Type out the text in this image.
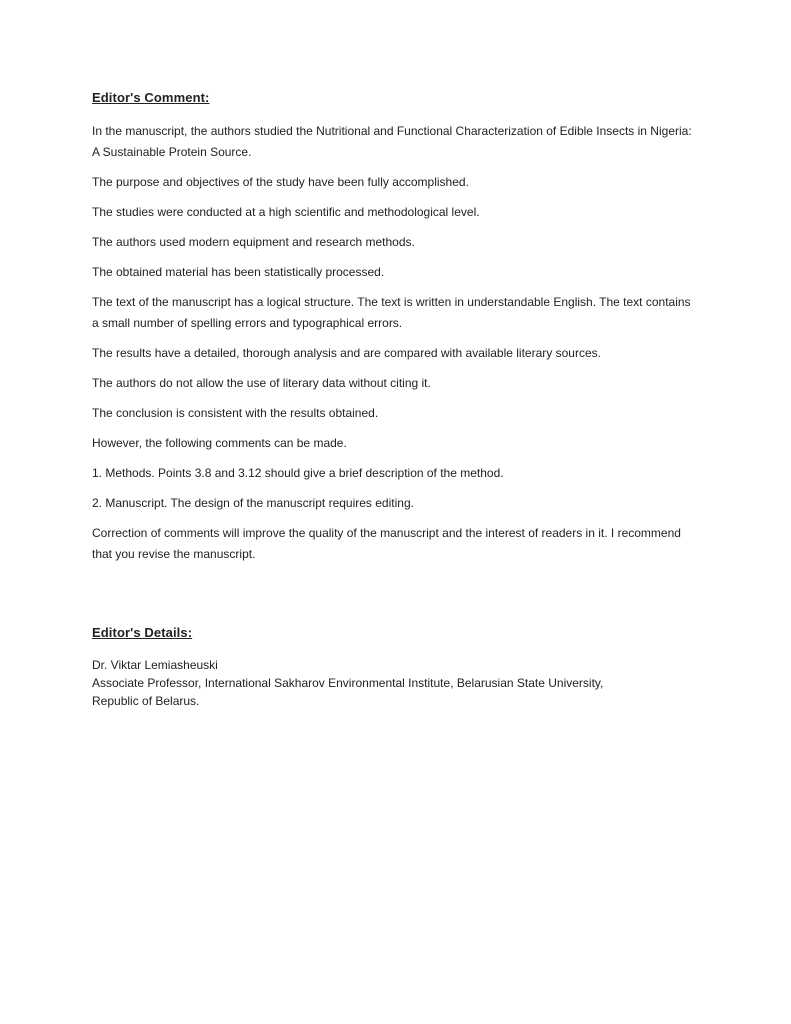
Editor's Comment:

In the manuscript, the authors studied the Nutritional and Functional Characterization of Edible Insects in Nigeria: A Sustainable Protein Source.

The purpose and objectives of the study have been fully accomplished.

The studies were conducted at a high scientific and methodological level.

The authors used modern equipment and research methods.

The obtained material has been statistically processed.

The text of the manuscript has a logical structure. The text is written in understandable English. The text contains a small number of spelling errors and typographical errors.

The results have a detailed, thorough analysis and are compared with available literary sources.

The authors do not allow the use of literary data without citing it.

The conclusion is consistent with the results obtained.

However, the following comments can be made.

1. Methods. Points 3.8 and 3.12 should give a brief description of the method.

2. Manuscript. The design of the manuscript requires editing.

Correction of comments will improve the quality of the manuscript and the interest of readers in it. I recommend that you revise the manuscript.

Editor's Details:

Dr. Viktar Lemiasheuski

Associate Professor, International Sakharov Environmental Institute, Belarusian State University,

Republic of Belarus.
